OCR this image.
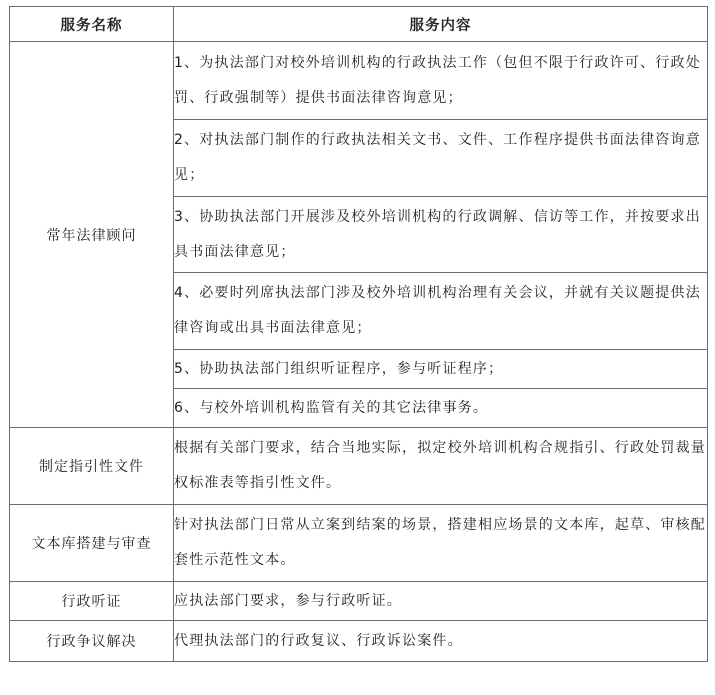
服务名称	服务内容
常年法律顾问	1、为执法部门对校外培训机构的行政执法工作（包但不限于行政许可、行政处罚、行政强制等）提供书面法律咨询意见；
	2、对执法部门制作的行政执法相关文书、文件、工作程序提供书面法律咨询意见；
	3、协助执法部门开展涉及校外培训机构的行政调解、信访等工作，并按要求出具书面法律意见；
	4、必要时列席执法部门涉及校外培训机构治理有关会议，并就有关议题提供法律咨询或出具书面法律意见；
	5、协助执法部门组织听证程序，参与听证程序；
	6、与校外培训机构监管有关的其它法律事务。
制定指引性文件	根据有关部门要求，结合当地实际，拟定校外培训机构合规指引、行政处罚裁量权标准表等指引性文件。
文本库搭建与审查	针对执法部门日常从立案到结案的场景，搭建相应场景的文本库，起草、审核配套性示范性文本。
行政听证	应执法部门要求，参与行政听证。
行政争议解决	代理执法部门的行政复议、行政诉讼案件。
